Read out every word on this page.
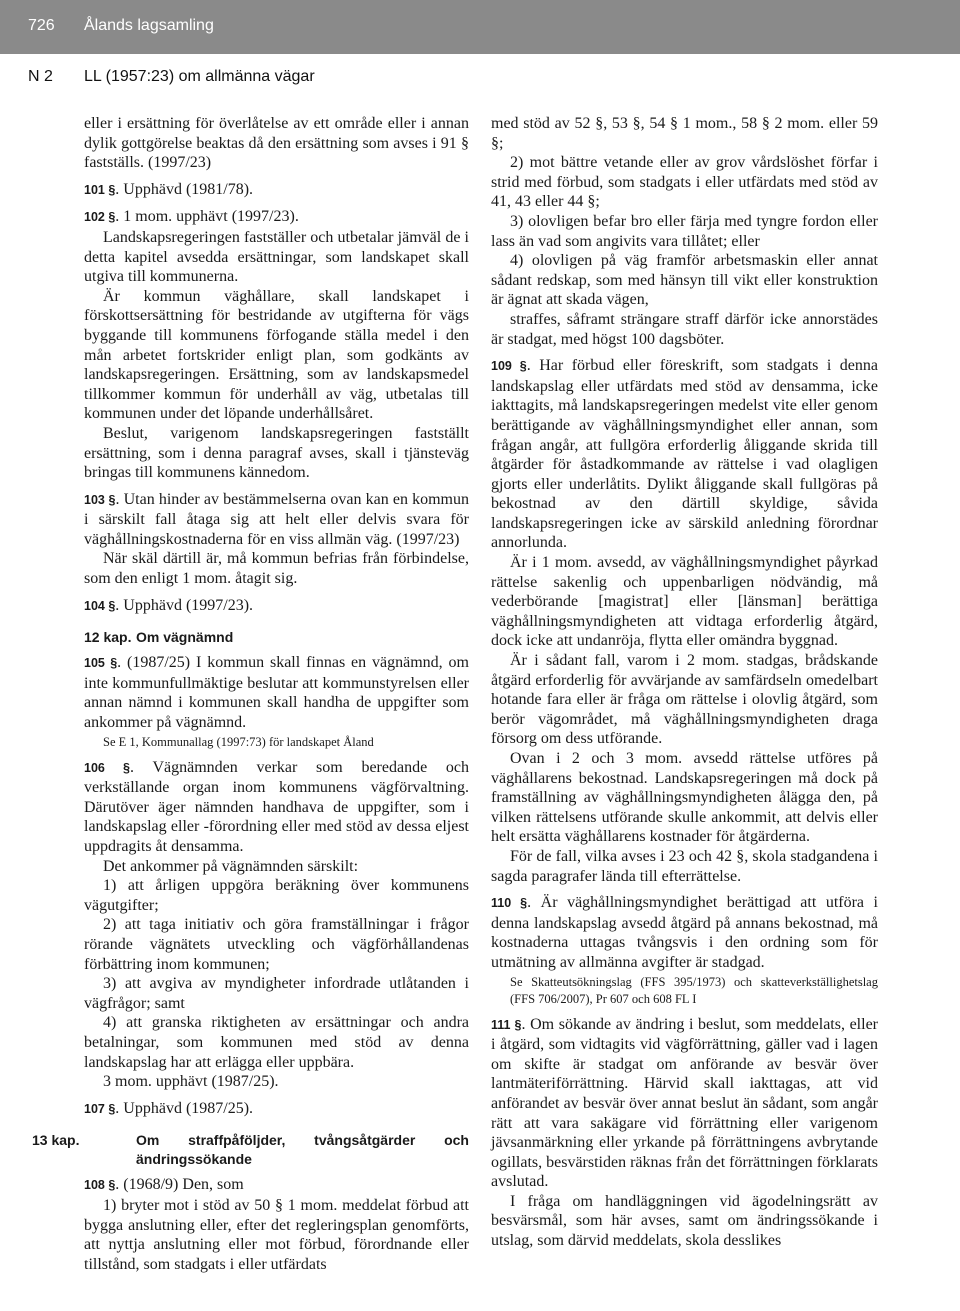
726 Ålands lagsamling
N 2 LL (1957:23) om allmänna vägar

eller i ersättning för överlåtelse av ett område eller i annan dylik gottgörelse beaktas då den ersättning som avses i 91 § fastställs. (1997/23)

101 §. Upphävd (1981/78).

102 §. 1 mom. upphävt (1997/23).

Landskapsregeringen fastställer och utbetalar jämväl de i detta kapitel avsedda ersättningar, som landskapet skall utgiva till kommunerna.

Är kommun väghållare, skall landskapet i förskottsersättning för bestridande av utgifterna för vägs byggande till kommunens förfogande ställa medel i den mån arbetet fortskrider enligt plan, som godkänts av landskapsregeringen. Ersättning, som av landskapsmedel tillkommer kommun för underhåll av väg, utbetalas till kommunen under det löpande underhållsåret.

Beslut, varigenom landskapsregeringen fastställt ersättning, som i denna paragraf avses, skall i tjänsteväg bringas till kommunens kännedom.

103 §. Utan hinder av bestämmelserna ovan kan en kommun i särskilt fall åtaga sig att helt eller delvis svara för väghållningskostnaderna för en viss allmän väg. (1997/23)

När skäl därtill är, må kommun befrias från förbindelse, som den enligt 1 mom. åtagit sig.

104 §. Upphävd (1997/23).

12 kap. Om vägnämnd

105 §. (1987/25) I kommun skall finnas en vägnämnd, om inte kommunfullmäktige beslutar att kommunstyrelsen eller annan nämnd i kommunen skall handha de uppgifter som ankommer på vägnämnd.

Se E 1, Kommunallag (1997:73) för landskapet Åland

106 §. Vägnämnden verkar som beredande och verkställande organ inom kommunens vägförvaltning. Därutöver äger nämnden handhava de uppgifter, som i landskapslag eller -förordning eller med stöd av dessa eljest uppdragits åt densamma.

Det ankommer på vägnämnden särskilt:

1) att årligen uppgöra beräkning över kommunens vägutgifter;

2) att taga initiativ och göra framställningar i frågor rörande vägnätets utveckling och vägförhållandenas förbättring inom kommunen;

3) att avgiva av myndigheter infordrade utlåtanden i vägfrågor; samt

4) att granska riktigheten av ersättningar och andra betalningar, som kommunen med stöd av denna landskapslag har att erlägga eller uppbära.

3 mom. upphävt (1987/25).

107 §. Upphävd (1987/25).

13 kap.	Om straffpåföljder, tvångsåtgärder och ändringssökande

108 §. (1968/9) Den, som

1) bryter mot i stöd av 50 § 1 mom. meddelat förbud att bygga anslutning eller, efter det regleringsplan genomförts, att nyttja anslutning eller mot förbud, förordnande eller tillstånd, som stadgats i eller utfärdats

med stöd av 52 §, 53 §, 54 § 1 mom., 58 § 2 mom. eller 59 §;

2) mot bättre vetande eller av grov vårdslöshet förfar i strid med förbud, som stadgats i eller utfärdats med stöd av 41, 43 eller 44 §;

3) olovligen befar bro eller färja med tyngre fordon eller lass än vad som angivits vara tillåtet; eller

4) olovligen på väg framför arbetsmaskin eller annat sådant redskap, som med hänsyn till vikt eller konstruktion är ägnat att skada vägen,

straffes, såframt strängare straff därför icke annorstädes är stadgat, med högst 100 dagsböter.

109 §. Har förbud eller föreskrift, som stadgats i denna landskapslag eller utfärdats med stöd av densamma, icke iakttagits, må landskapsregeringen medelst vite eller genom berättigande av väghållningsmyndighet eller annan, som frågan angår, att fullgöra erforderlig åliggande skrida till åtgärder för åstadkommande av rättelse i vad olagligen gjorts eller underlåtits. Dylikt åliggande skall fullgöras på bekostnad av den därtill skyldige, såvida landskapsregeringen icke av särskild anledning förordnar annorlunda.

Är i 1 mom. avsedd, av väghållningsmyndighet påyrkad rättelse sakenlig och uppenbarligen nödvändig, må vederbörande [magistrat] eller [länsman] berättiga väghållningsmyndigheten att vidtaga erforderlig åtgärd, dock icke att undanröja, flytta eller omändra byggnad.

Är i sådant fall, varom i 2 mom. stadgas, brådskande åtgärd erforderlig för avvärjande av samfärdseln omedelbart hotande fara eller är fråga om rättelse i olovlig åtgärd, som berör vägområdet, må väghållningsmyndigheten draga försorg om dess utförande.

Ovan i 2 och 3 mom. avsedd rättelse utföres på väghållarens bekostnad. Landskapsregeringen må dock på framställning av väghållningsmyndigheten ålägga den, på vilken rättelsens utförande skulle ankommit, att delvis eller helt ersätta väghållarens kostnader för åtgärderna.

För de fall, vilka avses i 23 och 42 §, skola stadgandena i sagda paragrafer lända till efterrättelse.

110 §. Är väghållningsmyndighet berättigad att utföra i denna landskapslag avsedd åtgärd på annans bekostnad, må kostnaderna uttagas tvångsvis i den ordning som för utmätning av allmänna avgifter är stadgad.

Se Skatteutsökningslag (FFS 395/1973) och skatteverkställighetslag (FFS 706/2007), Pr 607 och 608 FL I

111 §. Om sökande av ändring i beslut, som meddelats, eller i åtgärd, som vidtagits vid vägförrättning, gäller vad i lagen om skifte är stadgat om anförande av besvär över lantmäteriförrättning. Härvid skall iakttagas, att vid anförandet av besvär över annat beslut än sådant, som angår rätt att vara sakägare vid förrättning eller varigenom jävsanmärkning eller yrkande på förrättningens avbrytande ogillats, besvärstiden räknas från det förrättningen förklarats avslutad.

I fråga om handläggningen vid ägodelningsrätt av besvärsmål, som här avses, samt om ändringssökande i utslag, som därvid meddelats, skola desslikes
